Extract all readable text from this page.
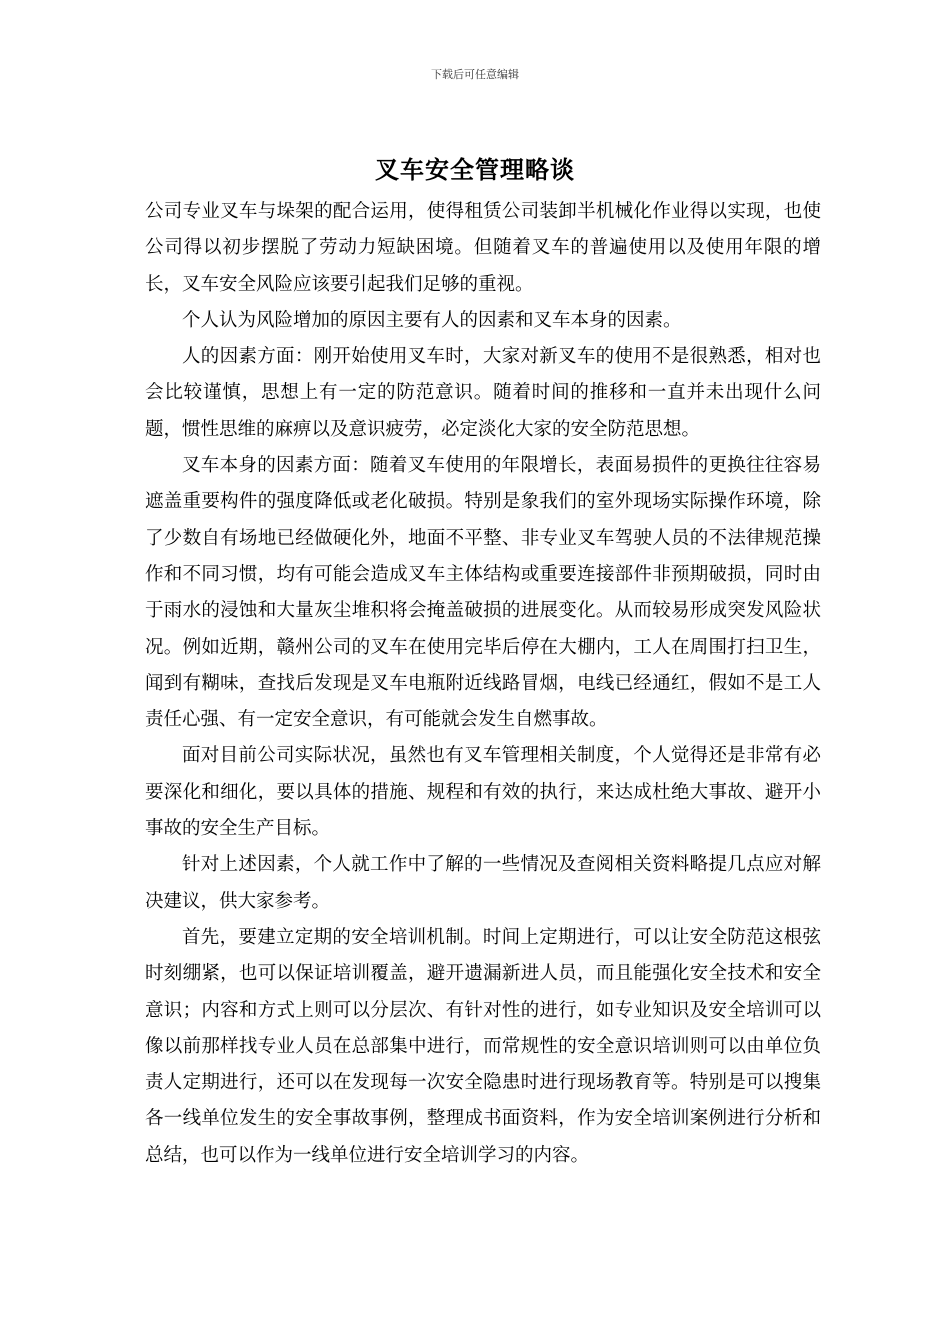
下载后可任意编辑
叉车安全管理略谈

公司专业叉车与垛架的配合运用，使得租赁公司装卸半机械化作业得以实现，也使公司得以初步摆脱了劳动力短缺困境。但随着叉车的普遍使用以及使用年限的增长，叉车安全风险应该要引起我们足够的重视。

个人认为风险增加的原因主要有人的因素和叉车本身的因素。

人的因素方面：刚开始使用叉车时，大家对新叉车的使用不是很熟悉，相对也会比较谨慎，思想上有一定的防范意识。随着时间的推移和一直并未出现什么问题，惯性思维的麻痹以及意识疲劳，必定淡化大家的安全防范思想。

叉车本身的因素方面：随着叉车使用的年限增长，表面易损件的更换往往容易遮盖重要构件的强度降低或老化破损。特别是象我们的室外现场实际操作环境，除了少数自有场地已经做硬化外，地面不平整、非专业叉车驾驶人员的不法律规范操作和不同习惯，均有可能会造成叉车主体结构或重要连接部件非预期破损，同时由于雨水的浸蚀和大量灰尘堆积将会掩盖破损的进展变化。从而较易形成突发风险状况。例如近期，赣州公司的叉车在使用完毕后停在大棚内，工人在周围打扫卫生，闻到有糊味，查找后发现是叉车电瓶附近线路冒烟，电线已经通红，假如不是工人责任心强、有一定安全意识，有可能就会发生自燃事故。

面对目前公司实际状况，虽然也有叉车管理相关制度，个人觉得还是非常有必要深化和细化，要以具体的措施、规程和有效的执行，来达成杜绝大事故、避开小事故的安全生产目标。

针对上述因素，个人就工作中了解的一些情况及查阅相关资料略提几点应对解决建议，供大家参考。

首先，要建立定期的安全培训机制。时间上定期进行，可以让安全防范这根弦时刻绷紧，也可以保证培训覆盖，避开遗漏新进人员，而且能强化安全技术和安全意识；内容和方式上则可以分层次、有针对性的进行，如专业知识及安全培训可以像以前那样找专业人员在总部集中进行，而常规性的安全意识培训则可以由单位负责人定期进行，还可以在发现每一次安全隐患时进行现场教育等。特别是可以搜集各一线单位发生的安全事故事例，整理成书面资料，作为安全培训案例进行分析和总结，也可以作为一线单位进行安全培训学习的内容。
